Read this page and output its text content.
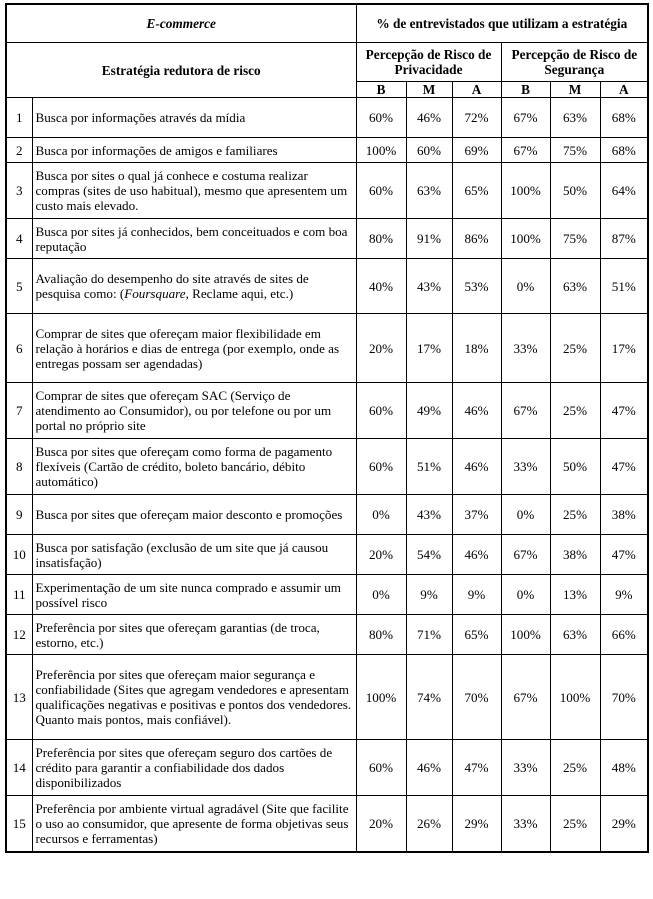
E-commerce		% de entrevistados que utilizam a estratégia					
Estratégia redutora de risco		Percepção de Risco de Privacidade			Percepção de Risco de Segurança		
		B	M	A	B	M	A
1	Busca por informações através da mídia	60%	46%	72%	67%	63%	68%
2	Busca por informações de amigos e familiares	100%	60%	69%	67%	75%	68%
3	Busca por sites o qual já conhece e costuma realizar compras (sites de uso habitual), mesmo que apresentem um custo mais elevado.	60%	63%	65%	100%	50%	64%
4	Busca por sites já conhecidos, bem conceituados e com boa reputação	80%	91%	86%	100%	75%	87%
5	Avaliação do desempenho do site através de sites de pesquisa como: (Foursquare, Reclame aqui, etc.)	40%	43%	53%	0%	63%	51%
6	Comprar de sites que ofereçam maior flexibilidade em relação à horários e dias de entrega (por exemplo, onde as entregas possam ser agendadas)	20%	17%	18%	33%	25%	17%
7	Comprar de sites que ofereçam SAC (Serviço de atendimento ao Consumidor), ou por telefone ou por um portal no próprio site	60%	49%	46%	67%	25%	47%
8	Busca por sites que ofereçam como forma de pagamento flexíveis (Cartão de crédito, boleto bancário, débito automático)	60%	51%	46%	33%	50%	47%
9	Busca por sites que ofereçam maior desconto e promoções	0%	43%	37%	0%	25%	38%
10	Busca por satisfação (exclusão de um site que já causou insatisfação)	20%	54%	46%	67%	38%	47%
11	Experimentação de um site nunca comprado e assumir um possível risco	0%	9%	9%	0%	13%	9%
12	Preferência por sites que ofereçam garantias (de troca, estorno, etc.)	80%	71%	65%	100%	63%	66%
13	Preferência por sites que ofereçam maior segurança e confiabilidade (Sites que agregam vendedores e apresentam qualificações negativas e positivas e pontos dos vendedores. Quanto mais pontos, mais confiável).	100%	74%	70%	67%	100%	70%
14	Preferência por sites que ofereçam seguro dos cartões de crédito para garantir a confiabilidade dos dados disponibilizados	60%	46%	47%	33%	25%	48%
15	Preferência por ambiente virtual agradável (Site que facilite o uso ao consumidor, que apresente de forma objetivas seus recursos e ferramentas)	20%	26%	29%	33%	25%	29%
